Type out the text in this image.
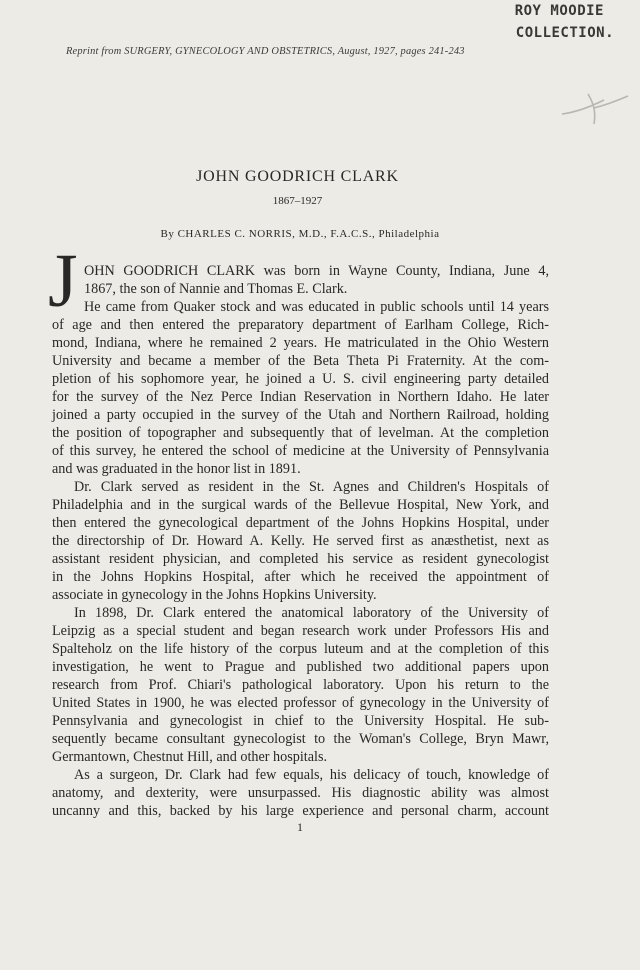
ROY MOODIE
COLLECTION.
Reprint from SURGERY, GYNECOLOGY AND OBSTETRICS, August, 1927, pages 241-243
JOHN GOODRICH CLARK
1867–1927
By CHARLES C. NORRIS, M.D., F.A.C.S., Philadelphia
J OHN GOODRICH CLARK was born in Wayne County, Indiana, June 4,
1867, the son of Nannie and Thomas E. Clark.
He came from Quaker stock and was educated in public schools until 14 years
of age and then entered the preparatory department of Earlham College, Rich-
mond, Indiana, where he remained 2 years. He matriculated in the Ohio Western
University and became a member of the Beta Theta Pi Fraternity. At the com-
pletion of his sophomore year, he joined a U. S. civil engineering party detailed
for the survey of the Nez Perce Indian Reservation in Northern Idaho. He later
joined a party occupied in the survey of the Utah and Northern Railroad, holding
the position of topographer and subsequently that of levelman. At the completion
of this survey, he entered the school of medicine at the University of Pennsylvania
and was graduated in the honor list in 1891.
Dr. Clark served as resident in the St. Agnes and Children's Hospitals of
Philadelphia and in the surgical wards of the Bellevue Hospital, New York, and
then entered the gynecological department of the Johns Hopkins Hospital, under
the directorship of Dr. Howard A. Kelly. He served first as anæsthetist, next as
assistant resident physician, and completed his service as resident gynecologist
in the Johns Hopkins Hospital, after which he received the appointment of
associate in gynecology in the Johns Hopkins University.
In 1898, Dr. Clark entered the anatomical laboratory of the University of
Leipzig as a special student and began research work under Professors His and
Spalteholz on the life history of the corpus luteum and at the completion of this
investigation, he went to Prague and published two additional papers upon
research from Prof. Chiari's pathological laboratory. Upon his return to the
United States in 1900, he was elected professor of gynecology in the University of
Pennsylvania and gynecologist in chief to the University Hospital. He sub-
sequently became consultant gynecologist to the Woman's College, Bryn Mawr,
Germantown, Chestnut Hill, and other hospitals.
As a surgeon, Dr. Clark had few equals, his delicacy of touch, knowledge of
anatomy, and dexterity, were unsurpassed. His diagnostic ability was almost
uncanny and this, backed by his large experience and personal charm, account
1
